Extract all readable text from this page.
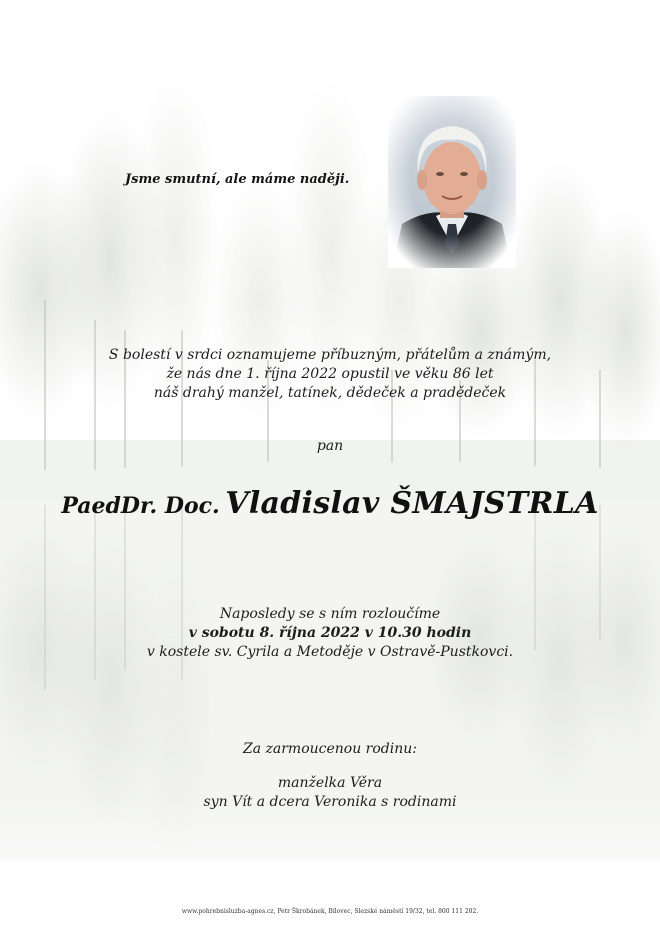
Jsme smutní, ale máme naději.
S bolestí v srdci oznamujeme příbuzným, přátelům a známým,
že nás dne 1. října 2022 opustil ve věku 86 let
náš drahý manžel, tatínek, dědeček a pradědeček
pan
PaedDr. Doc. Vladislav ŠMAJSTRLA
Naposledy se s ním rozloučíme
v sobotu 8. října 2022 v 10.30 hodin
v kostele sv. Cyrila a Metoděje v Ostravě-Pustkovci.
Za zarmoucenou rodinu:
manželka Věra
syn Vít a dcera Veronika s rodinami
www.pohrebnisluzba-agnes.cz, Petr Škrobánek, Bílovec, Slezské náměstí 19/32, tel. 800 111 202.
